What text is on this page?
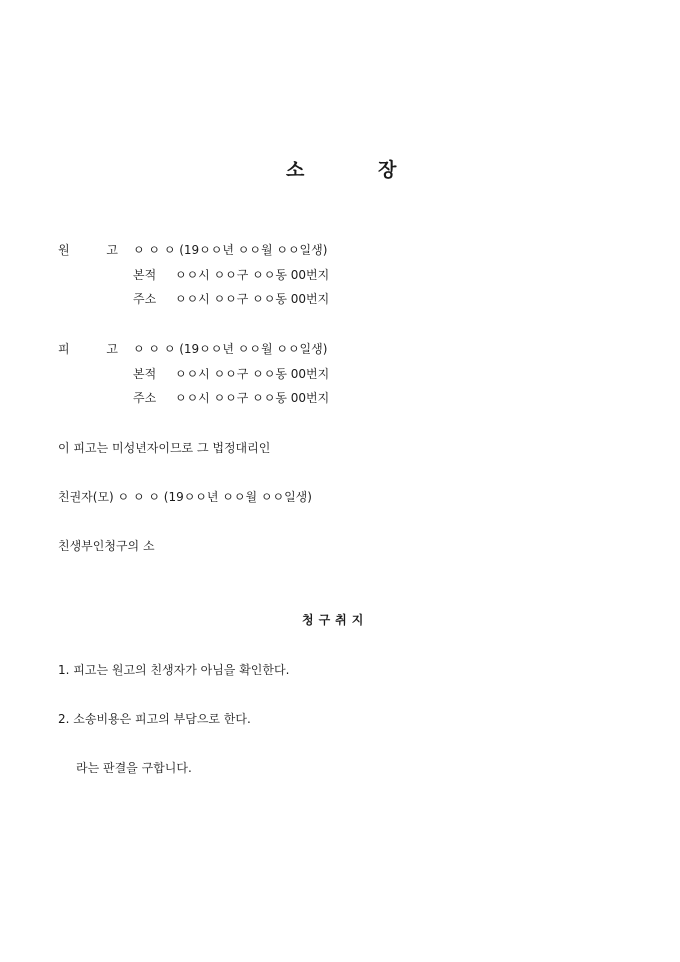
소	장
원	고 ㅇ ㅇ ㅇ (19ㅇㅇ년 ㅇㅇ월 ㅇㅇ일생)
본적 ㅇㅇ시 ㅇㅇ구 ㅇㅇ동 00번지
주소 ㅇㅇ시 ㅇㅇ구 ㅇㅇ동 00번지
피	고 ㅇ ㅇ ㅇ (19ㅇㅇ년 ㅇㅇ월 ㅇㅇ일생)
본적 ㅇㅇ시 ㅇㅇ구 ㅇㅇ동 00번지
주소 ㅇㅇ시 ㅇㅇ구 ㅇㅇ동 00번지
이 피고는 미성년자이므로 그 법정대리인
친권자(모) ㅇ ㅇ ㅇ (19ㅇㅇ년 ㅇㅇ월 ㅇㅇ일생)
친생부인청구의 소
청구취지
1. 피고는 원고의 친생자가 아님을 확인한다.
2. 소송비용은 피고의 부담으로 한다.
라는 판결을 구합니다.
